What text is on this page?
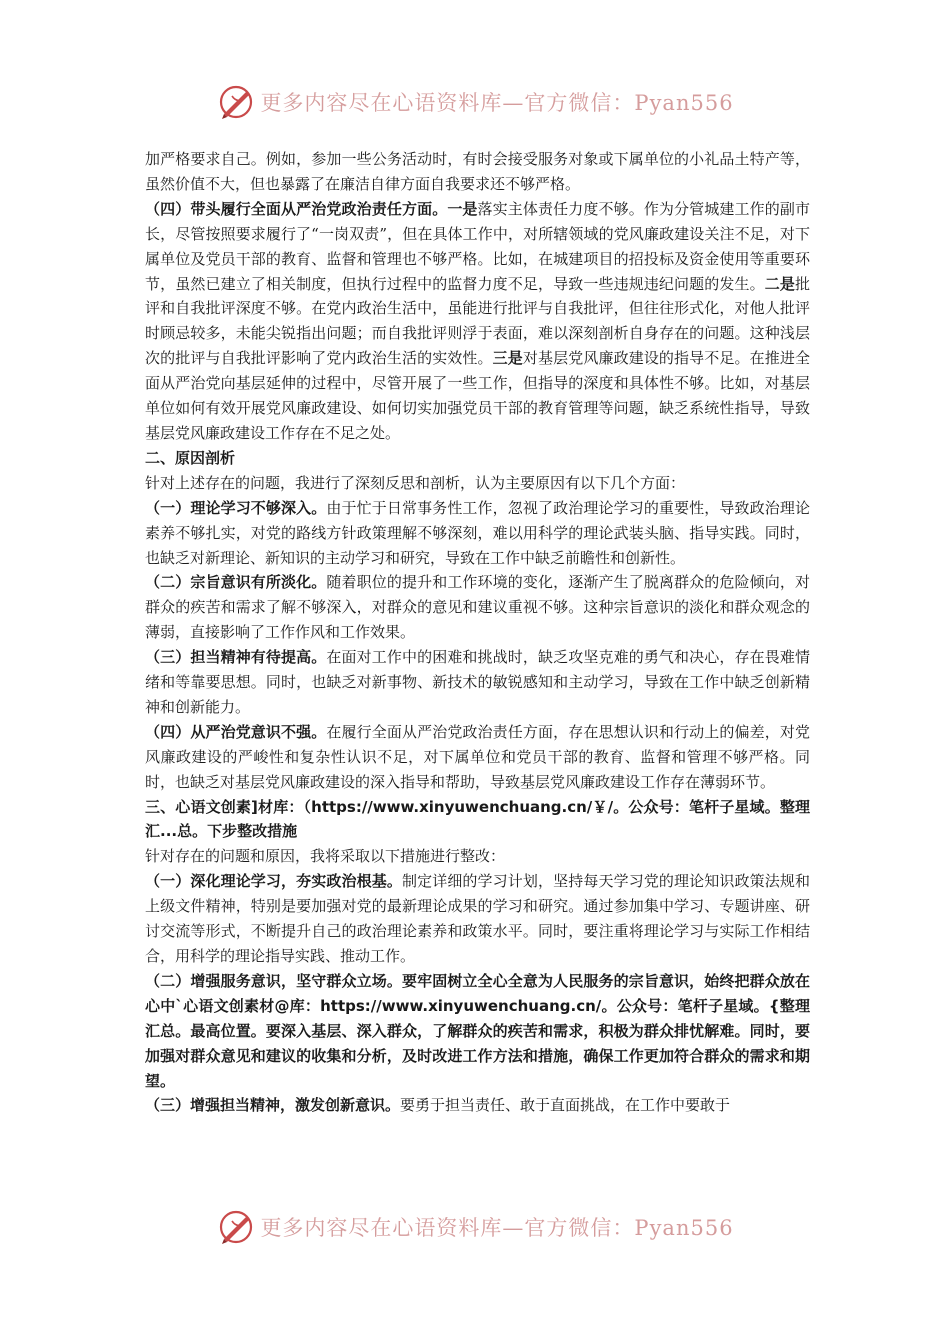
更多内容尽在心语资料库—官方微信：Pyan556

加严格要求自己。例如，参加一些公务活动时，有时会接受服务对象或下属单位的小礼品土特产等，虽然价值不大，但也暴露了在廉洁自律方面自我要求还不够严格。

（四）带头履行全面从严治党政治责任方面。一是落实主体责任力度不够。作为分管城建工作的副市长，尽管按照要求履行了“一岗双责”，但在具体工作中，对所辖领域的党风廉政建设关注不足，对下属单位及党员干部的教育、监督和管理也不够严格。比如，在城建项目的招投标及资金使用等重要环节，虽然已建立了相关制度，但执行过程中的监督力度不足，导致一些违规违纪问题的发生。二是批评和自我批评深度不够。在党内政治生活中，虽能进行批评与自我批评，但往往形式化，对他人批评时顾忌较多，未能尖锐指出问题；而自我批评则浮于表面，难以深刻剖析自身存在的问题。这种浅层次的批评与自我批评影响了党内政治生活的实效性。三是对基层党风廉政建设的指导不足。在推进全面从严治党向基层延伸的过程中，尽管开展了一些工作，但指导的深度和具体性不够。比如，对基层单位如何有效开展党风廉政建设、如何切实加强党员干部的教育管理等问题，缺乏系统性指导，导致基层党风廉政建设工作存在不足之处。

二、原因剖析

针对上述存在的问题，我进行了深刻反思和剖析，认为主要原因有以下几个方面：

（一）理论学习不够深入。由于忙于日常事务性工作，忽视了政治理论学习的重要性，导致政治理论素养不够扎实，对党的路线方针政策理解不够深刻，难以用科学的理论武装头脑、指导实践。同时，也缺乏对新理论、新知识的主动学习和研究，导致在工作中缺乏前瞻性和创新性。

（二）宗旨意识有所淡化。随着职位的提升和工作环境的变化，逐渐产生了脱离群众的危险倾向，对群众的疾苦和需求了解不够深入，对群众的意见和建议重视不够。这种宗旨意识的淡化和群众观念的薄弱，直接影响了工作作风和工作效果。

（三）担当精神有待提高。在面对工作中的困难和挑战时，缺乏攻坚克难的勇气和决心，存在畏难情绪和等靠要思想。同时，也缺乏对新事物、新技术的敏锐感知和主动学习，导致在工作中缺乏创新精神和创新能力。

（四）从严治党意识不强。在履行全面从严治党政治责任方面，存在思想认识和行动上的偏差，对党风廉政建设的严峻性和复杂性认识不足，对下属单位和党员干部的教育、监督和管理不够严格。同时，也缺乏对基层党风廉政建设的深入指导和帮助，导致基层党风廉政建设工作存在薄弱环节。

三、心语文创素]材库：（https://www.xinyuwenchuang.cn/￥/。公众号：笔杆子星域。整理汇...总。下步整改措施

针对存在的问题和原因，我将采取以下措施进行整改：

（一）深化理论学习，夯实政治根基。制定详细的学习计划，坚持每天学习党的理论知识政策法规和上级文件精神，特别是要加强对党的最新理论成果的学习和研究。通过参加集中学习、专题讲座、研讨交流等形式，不断提升自己的政治理论素养和政策水平。同时，要注重将理论学习与实际工作相结合，用科学的理论指导实践、推动工作。

（二）增强服务意识，坚守群众立场。要牢固树立全心全意为人民服务的宗旨意识，始终把群众放在心中`心语文创素材@库：https://www.xinyuwenchuang.cn/。公众号：笔杆子星域。{整理汇总。最高位置。要深入基层、深入群众，了解群众的疾苦和需求，积极为群众排忧解难。同时，要加强对群众意见和建议的收集和分析，及时改进工作方法和措施，确保工作更加符合群众的需求和期望。

（三）增强担当精神，激发创新意识。要勇于担当责任、敢于直面挑战，在工作中要敢于

更多内容尽在心语资料库—官方微信：Pyan556
